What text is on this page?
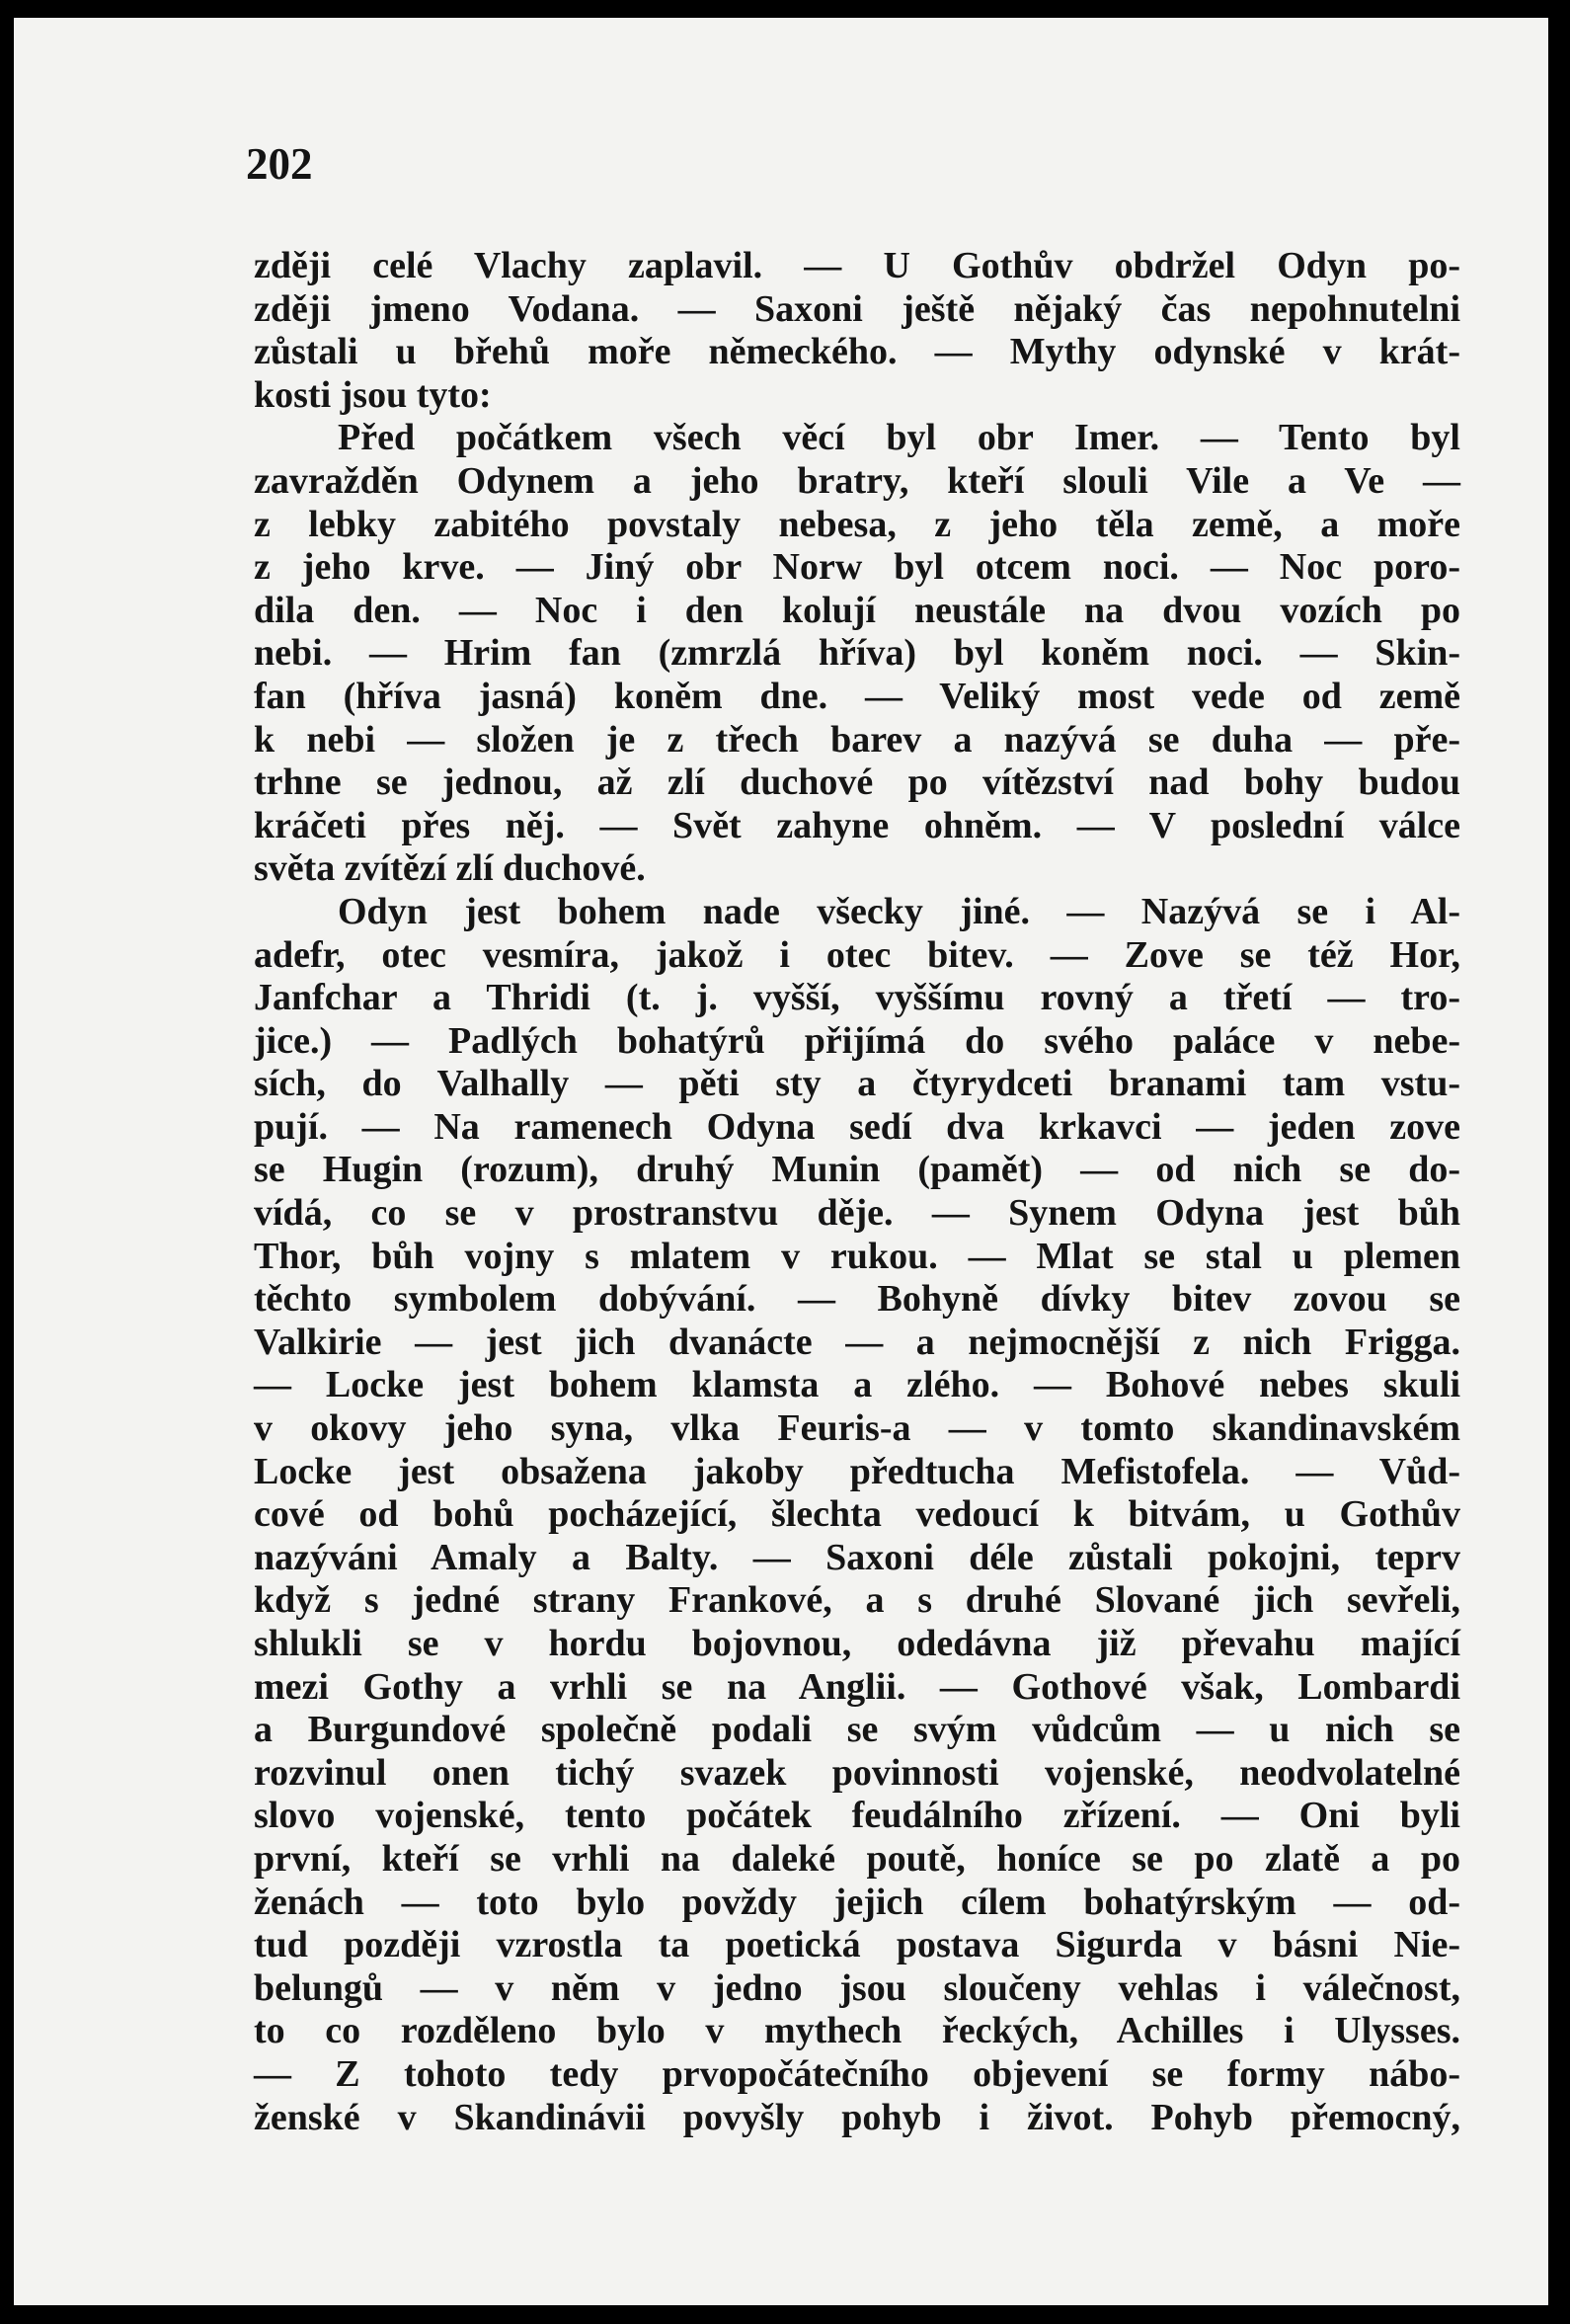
202

zději celé Vlachy zaplavil. — U Gothův obdržel Odyn po-
zději jmeno Vodana. — Saxoni ještě nějaký čas nepohnutelni
zůstali u břehů moře německého. — Mythy odynské v krát-
kosti jsou tyto:
Před počátkem všech věcí byl obr Imer. — Tento byl
zavražděn Odynem a jeho bratry, kteří slouli Vile a Ve —
z lebky zabitého povstaly nebesa, z jeho těla země, a moře
z jeho krve. — Jiný obr Norw byl otcem noci. — Noc poro-
dila den. — Noc i den kolují neustále na dvou vozích po
nebi. — Hrim fan (zmrzlá hříva) byl koněm noci. — Skin-
fan (hříva jasná) koněm dne. — Veliký most vede od země
k nebi — složen je z třech barev a nazývá se duha — pře-
trhne se jednou, až zlí duchové po vítězství nad bohy budou
kráčeti přes něj. — Svět zahyne ohněm. — V poslední válce
světa zvítězí zlí duchové.
Odyn jest bohem nade všecky jiné. — Nazývá se i Al-
adefr, otec vesmíra, jakož i otec bitev. — Zove se též Hor,
Janfchar a Thridi (t. j. vyšší, vyššímu rovný a třetí — tro-
jice.) — Padlých bohatýrů přijímá do svého paláce v nebe-
sích, do Valhally — pěti sty a čtyrydceti branami tam vstu-
pují. — Na ramenech Odyna sedí dva krkavci — jeden zove
se Hugin (rozum), druhý Munin (pamět) — od nich se do-
vídá, co se v prostranstvu děje. — Synem Odyna jest bůh
Thor, bůh vojny s mlatem v rukou. — Mlat se stal u plemen
těchto symbolem dobývání. — Bohyně dívky bitev zovou se
Valkirie — jest jich dvanácte — a nejmocnější z nich Frigga.
— Locke jest bohem klamsta a zlého. — Bohové nebes skuli
v okovy jeho syna, vlka Feuris-a — v tomto skandinavském
Locke jest obsažena jakoby předtucha Mefistofela. — Vůd-
cové od bohů pocházející, šlechta vedoucí k bitvám, u Gothův
nazýváni Amaly a Balty. — Saxoni déle zůstali pokojni, teprv
když s jedné strany Frankové, a s druhé Slované jich sevřeli,
shlukli se v hordu bojovnou, odedávna již převahu mající
mezi Gothy a vrhli se na Anglii. — Gothové však, Lombardi
a Burgundové společně podali se svým vůdcům — u nich se
rozvinul onen tichý svazek povinnosti vojenské, neodvolatelné
slovo vojenské, tento počátek feudálního zřízení. — Oni byli
první, kteří se vrhli na daleké poutě, honíce se po zlatě a po
ženách — toto bylo povždy jejich cílem bohatýrským — od-
tud později vzrostla ta poetická postava Sigurda v básni Nie-
belungů — v něm v jedno jsou sloučeny vehlas i válečnost,
to co rozděleno bylo v mythech řeckých, Achilles i Ulysses.
— Z tohoto tedy prvopočátečního objevení se formy nábo-
ženské v Skandinávii povyšly pohyb i život. Pohyb přemocný,
